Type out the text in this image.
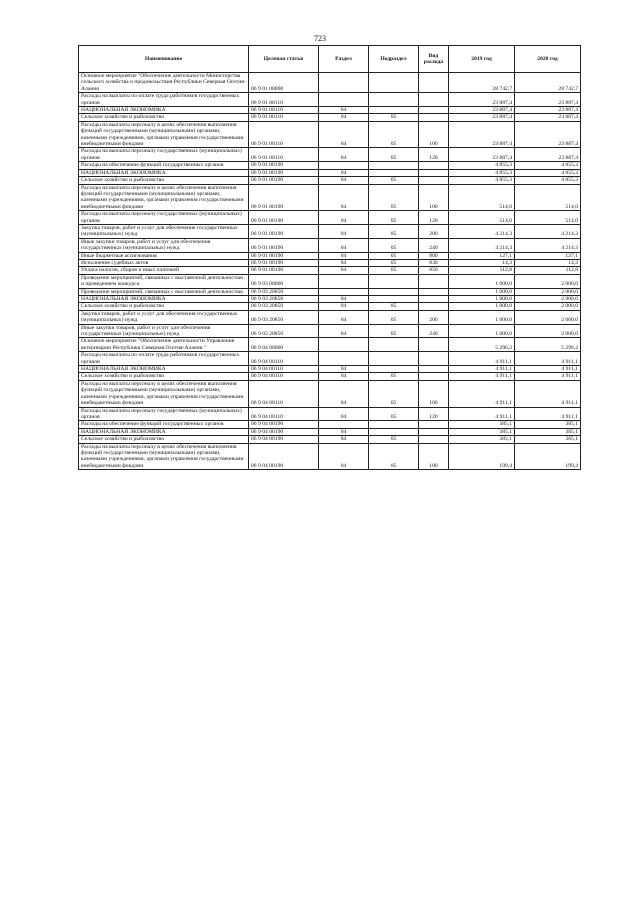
723
Наименование	Целевая статья	Раздел	Подраздел	Вид расхода	2019 год	2020 год
Основное мероприятие "Обеспечение деятельности Министерства сельского хозяйства и продовольствия Республики Северная Осетия-Алания	06 9 01 00000				28 742,7	28 742,7
Расходы на выплаты по оплате труда работников государственных органов	06 9 01 00110				23 887,4	23 887,4
НАЦИОНАЛЬНАЯ ЭКОНОМИКА	06 9 01 00110	04			23 887,4	23 887,4
Сельское хозяйство и рыболовство	06 9 01 00110	04	05		23 887,4	23 887,4
Расходы на выплаты персоналу в целях обеспечения выполнения функций государственными (муниципальными) органами, казенными учреждениями, органами управления государственными внебюджетными фондами	06 9 01 00110	04	05	100	23 887,4	23 887,4
Расходы на выплаты персоналу государственных (муниципальных) органов	06 9 01 00110	04	05	120	23 887,4	23 887,4
Расходы на обеспечение функций государственных органов	06 9 01 00190				4 855,3	4 855,3
НАЦИОНАЛЬНАЯ ЭКОНОМИКА	06 9 01 00190	04			4 855,3	4 855,3
Сельское хозяйство и рыболовство	06 9 01 00190	04	05		4 855,3	4 855,3
Расходы на выплаты персоналу в целях обеспечения выполнения функций государственными (муниципальными) органами, казенными учреждениями, органами управления государственными внебюджетными фондами	06 9 01 00190	04	05	100	514,0	514,0
Расходы на выплаты персоналу государственных (муниципальных) органов	06 9 01 00190	04	05	120	514,0	514,0
Закупка товаров, работ и услуг для обеспечения государственных (муниципальных) нужд	06 9 01 00190	04	05	200	4 214,3	4 214,3
Иные закупки товаров, работ и услуг для обеспечения государственных (муниципальных) нужд	06 9 01 00190	04	05	240	4 214,3	4 214,3
Иные бюджетные ассигнования	06 9 01 00190	04	05	800	127,1	127,1
Исполнение судебных актов	06 9 01 00190	04	05	830	14,3	14,3
Уплата налогов, сборов и иных платежей	06 9 01 00190	04	05	850	112,8	112,8
Проведение мероприятий, связанных с выставочной деятельностью и проведением конкурса	06 9 03 00000				1 000,0	2 000,0
Проведение мероприятий, связанных с выставочной деятельностью	06 9 03 20850				1 000,0	2 000,0
НАЦИОНАЛЬНАЯ ЭКОНОМИКА	06 9 03 20850	04			1 000,0	2 000,0
Сельское хозяйство и рыболовство	06 9 03 20850	04	05		1 000,0	2 000,0
Закупка товаров, работ и услуг для обеспечения государственных (муниципальных) нужд	06 9 03 20850	04	05	200	1 000,0	2 000,0
Иные закупки товаров, работ и услуг для обеспечения государственных (муниципальных) нужд	06 9 03 20850	04	05	240	1 000,0	2 000,0
Основное мероприятие "Обеспечение деятельности Управления ветеринарии Республики Северная Осетия-Алания "	06 9 04 00000				5 296,2	5 296,2
Расходы на выплаты по оплате труда работников государственных органов	06 9 04 00110				4 911,1	4 911,1
НАЦИОНАЛЬНАЯ ЭКОНОМИКА	06 9 04 00110	04			4 911,1	4 911,1
Сельское хозяйство и рыболовство	06 9 04 00110	04	05		4 911,1	4 911,1
Расходы на выплаты персоналу в целях обеспечения выполнения функций государственными (муниципальными) органами, казенными учреждениями, органами управления государственными внебюджетными фондами	06 9 04 00110	04	05	100	4 911,1	4 911,1
Расходы на выплаты персоналу государственных (муниципальных) органов	06 9 04 00110	04	05	120	4 911,1	4 911,1
Расходы на обеспечение функций государственных органов	06 9 04 00190				385,1	385,1
НАЦИОНАЛЬНАЯ ЭКОНОМИКА	06 9 04 00190	04			385,1	385,1
Сельское хозяйство и рыболовство	06 9 04 00190	04	05		385,1	385,1
Расходы на выплаты персоналу в целях обеспечения выполнения функций государственными (муниципальными) органами, казенными учреждениями, органами управления государственными внебюджетными фондами	06 9 04 00190	04	05	100	199,4	199,4
